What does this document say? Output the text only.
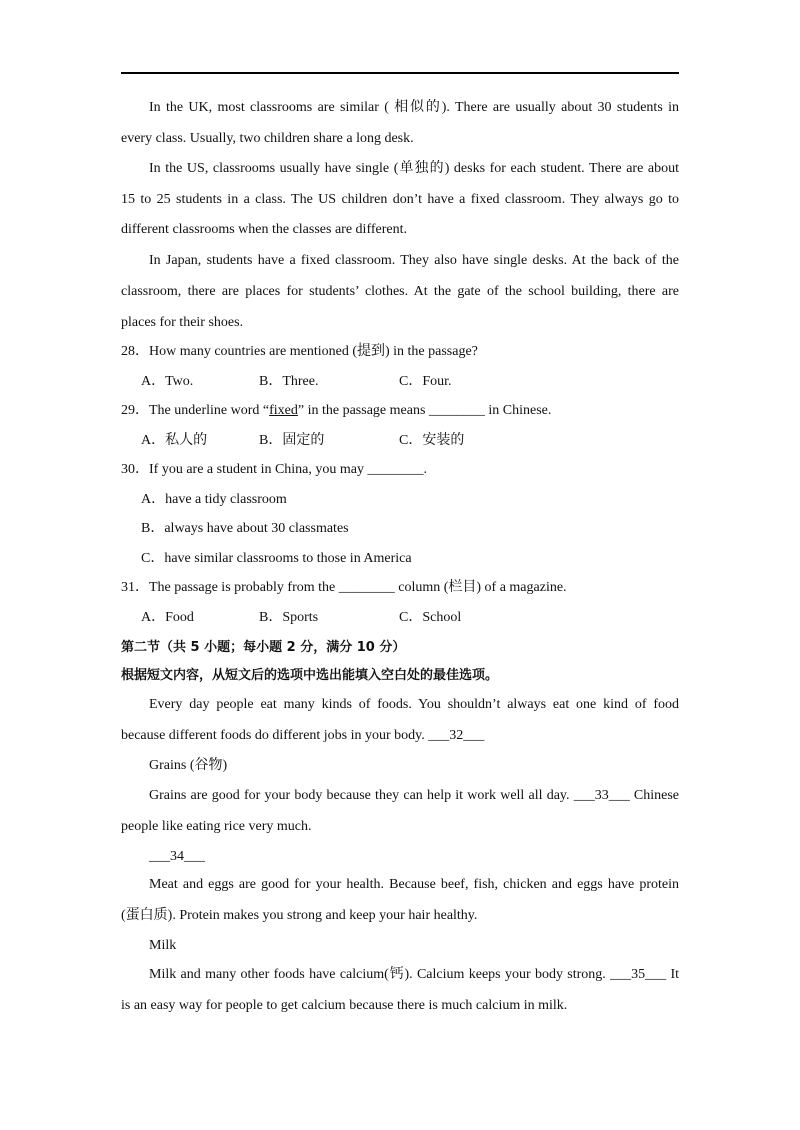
In the UK, most classrooms are similar ( 相似的). There are usually about 30 students in
every class. Usually, two children share a long desk.
In the US, classrooms usually have single (单独的) desks for each student. There are about
15 to 25 students in a class. The US children don’t have a fixed classroom. They always go to
different classrooms when the classes are different.
In Japan, students have a fixed classroom. They also have single desks. At the back of the
classroom, there are places for students’ clothes. At the gate of the school building, there are
places for their shoes.
28．How many countries are mentioned (提到) in the passage?
A．Two.	B．Three.	C．Four.
29．The underline word “fixed” in the passage means ________ in Chinese.
A．私人的	B．固定的	C．安装的
30．If you are a student in China, you may ________.
A．have a tidy classroom
B．always have about 30 classmates
C．have similar classrooms to those in America
31．The passage is probably from the ________ column (栏目) of a magazine.
A．Food	B．Sports	C．School
第二节（共 5 小题；每小题 2 分，满分 10 分）
根据短文内容，从短文后的选项中选出能填入空白处的最佳选项。
Every day people eat many kinds of foods. You shouldn’t always eat one kind of food
because different foods do different jobs in your body. ___32___
Grains (谷物)
Grains are good for your body because they can help it work well all day. ___33___ Chinese
people like eating rice very much.
___34___
Meat and eggs are good for your health. Because beef, fish, chicken and eggs have protein
(蛋白质). Protein makes you strong and keep your hair healthy.
Milk
Milk and many other foods have calcium(钙). Calcium keeps your body strong. ___35___ It
is an easy way for people to get calcium because there is much calcium in milk.
